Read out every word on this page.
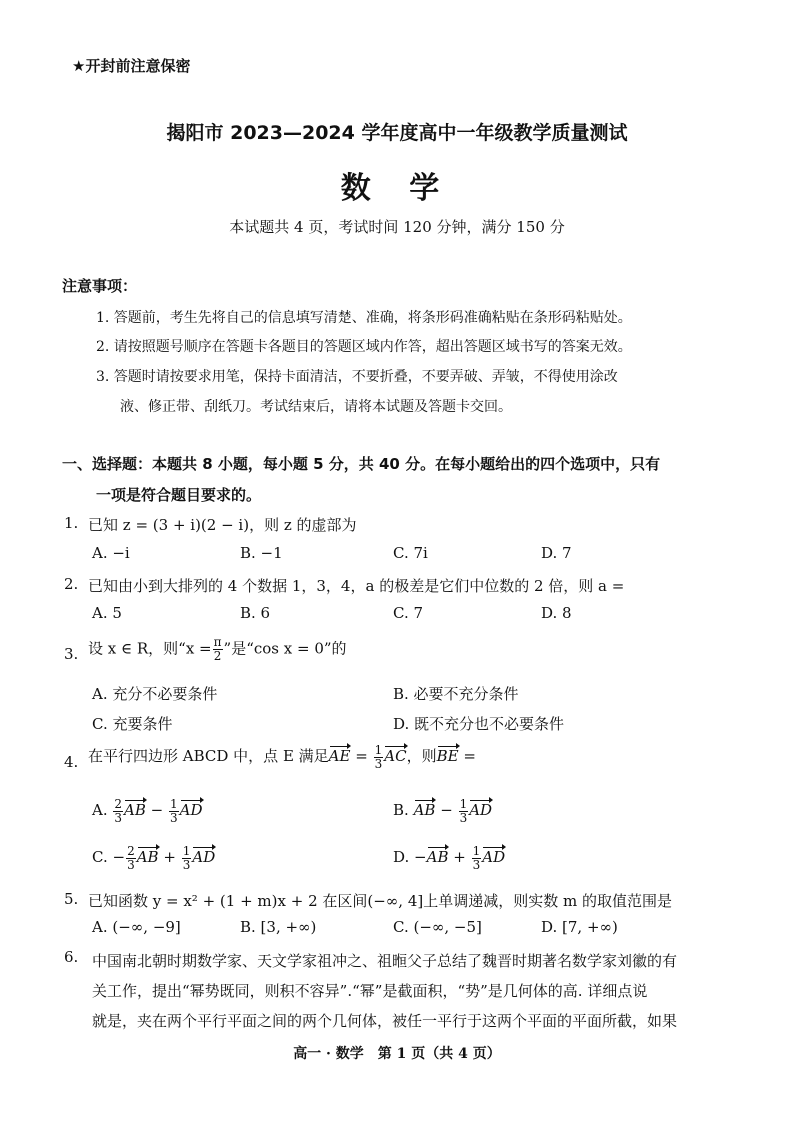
★开封前注意保密
揭阳市 2023—2024 学年度高中一年级教学质量测试
数 学
本试题共 4 页，考试时间 120 分钟，满分 150 分
注意事项：
1. 答题前，考生先将自己的信息填写清楚、准确，将条形码准确粘贴在条形码粘贴处。
2. 请按照题号顺序在答题卡各题目的答题区域内作答，超出答题区域书写的答案无效。
3. 答题时请按要求用笔，保持卡面清洁，不要折叠，不要弄破、弄皱，不得使用涂改
液、修正带、刮纸刀。考试结束后，请将本试题及答题卡交回。
一、选择题：本题共 8 小题，每小题 5 分，共 40 分。在每小题给出的四个选项中，只有
一项是符合题目要求的。
1. 已知 z = (3 + i)(2 − i)，则 z 的虚部为
A. −i	B. −1	C. 7i	D. 7
2. 已知由小到大排列的 4 个数据 1，3，4，a 的极差是它们中位数的 2 倍，则 a =
A. 5	B. 6	C. 7	D. 8
3. 设 x ∈ R，则“$x = \frac{\pi}{2}$ ”是“cos x = 0”的
A. 充分不必要条件	B. 必要不充分条件
C. 充要条件	D. 既不充分也不必要条件
4. 在平行四边形 ABCD 中，点 E 满足AE = $\frac{1}{3}$ AC，则BE =
A. $\frac{2}{3}$ AB − $\frac{1}{3}$ AD	B. AB − $\frac{1}{3}$ AD
C. − $\frac{2}{3}$ AB + $\frac{1}{3}$ AD	D. $-AB + \frac{1}{3}$ AD
5. 已知函数 y = x² + (1 + m)x + 2 在区间(−∞, 4]上单调递减，则实数 m 的取值范围是
A. (−∞, −9]	B. [3, +∞)	C. (−∞, −5]	D. [7, +∞)
6. 中国南北朝时期数学家、天文学家祖冲之、祖暅父子总结了魏晋时期著名数学家刘徽的有
关工作，提出“幂势既同，则积不容异”.“幂”是截面积，“势”是几何体的高. 详细点说
就是，夹在两个平行平面之间的两个几何体，被任一平行于这两个平面的平面所截，如果
高一 · 数学　第 1 页（共 4 页）
